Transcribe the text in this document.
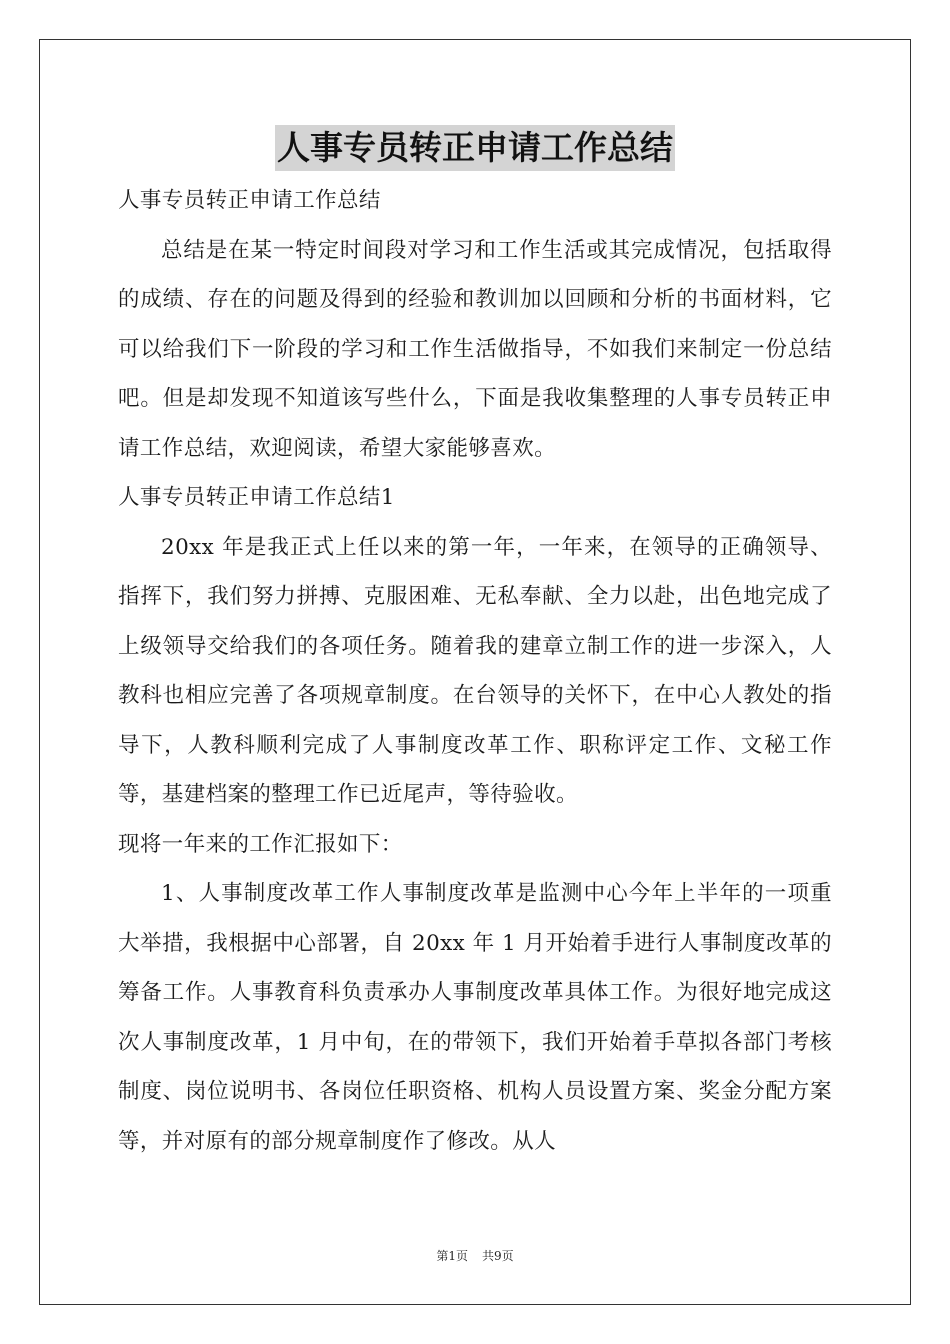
人事专员转正申请工作总结

人事专员转正申请工作总结

总结是在某一特定时间段对学习和工作生活或其完成情况，包括取得的成绩、存在的问题及得到的经验和教训加以回顾和分析的书面材料，它可以给我们下一阶段的学习和工作生活做指导，不如我们来制定一份总结吧。但是却发现不知道该写些什么，下面是我收集整理的人事专员转正申请工作总结，欢迎阅读，希望大家能够喜欢。

人事专员转正申请工作总结1

20xx 年是我正式上任以来的第一年，一年来，在领导的正确领导、指挥下，我们努力拼搏、克服困难、无私奉献、全力以赴，出色地完成了上级领导交给我们的各项任务。随着我的建章立制工作的进一步深入，人教科也相应完善了各项规章制度。在台领导的关怀下，在中心人教处的指导下，人教科顺利完成了人事制度改革工作、职称评定工作、文秘工作等，基建档案的整理工作已近尾声，等待验收。

现将一年来的工作汇报如下：

1、人事制度改革工作人事制度改革是监测中心今年上半年的一项重大举措，我根据中心部署，自 20xx 年 1 月开始着手进行人事制度改革的筹备工作。人事教育科负责承办人事制度改革具体工作。为很好地完成这次人事制度改革，1 月中旬，在的带领下，我们开始着手草拟各部门考核制度、岗位说明书、各岗位任职资格、机构人员设置方案、奖金分配方案等，并对原有的部分规章制度作了修改。从人

第1页 共9页
